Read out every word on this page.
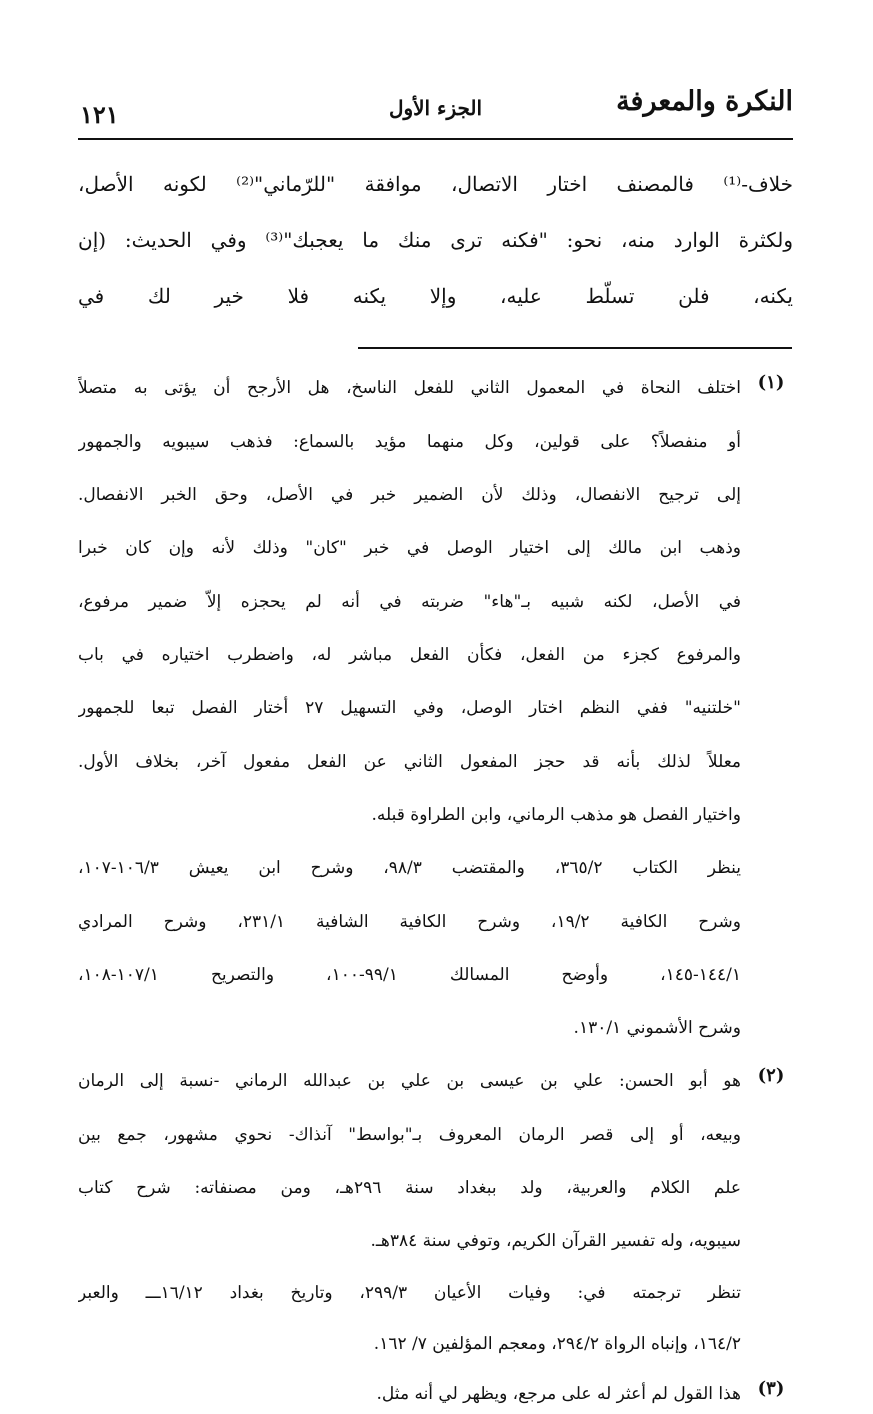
النكرة والمعرفة
الجزء الأول
١٢١
خلاف-⁽¹⁾ فالمصنف اختار الاتصال، موافقة "للرّماني"⁽²⁾ لكونه الأصل،
ولكثرة الوارد منه، نحو: "فكنه ترى منك ما يعجبك"⁽³⁾ وفي الحديث: (إن
يكنه، فلن تسلّط عليه، وإلا يكنه فلا خير لك في
(١)
اختلف النحاة في المعمول الثاني للفعل الناسخ، هل الأرجح أن يؤتى به متصلاً
أو منفصلاً؟ على قولين، وكل منهما مؤيد بالسماع: فذهب سيبويه والجمهور
إلى ترجيح الانفصال، وذلك لأن الضمير خبر في الأصل، وحق الخبر الانفصال.
وذهب ابن مالك إلى اختيار الوصل في خبر "كان" وذلك لأنه وإن كان خبرا
في الأصل، لكنه شبيه بـ"هاء" ضربته في أنه لم يحجزه إلاّ ضمير مرفوع،
والمرفوع كجزء من الفعل، فكأن الفعل مباشر له، واضطرب اختياره في باب
"خلتنيه" ففي النظم اختار الوصل، وفي التسهيل ٢٧ أختار الفصل تبعا للجمهور
معللاً لذلك بأنه قد حجز المفعول الثاني عن الفعل مفعول آخر، بخلاف الأول.
واختيار الفصل هو مذهب الرماني، وابن الطراوة قبله.
ينظر الكتاب ٣٦٥/٢، والمقتضب ٩٨/٣، وشرح ابن يعيش ١٠٦/٣-١٠٧،
وشرح الكافية ١٩/٢، وشرح الكافية الشافية ٢٣١/١، وشرح المرادي
١٤٤/١-١٤٥، وأوضح المسالك ٩٩/١-١٠٠، والتصريح ١٠٧/١-١٠٨،
وشرح الأشموني ١٣٠/١.
(٢)
هو أبو الحسن: علي بن عيسى بن علي بن عبدالله الرماني -نسبة إلى الرمان
وبيعه، أو إلى قصر الرمان المعروف بـ"بواسط" آنذاك- نحوي مشهور، جمع بين
علم الكلام والعربية، ولد ببغداد سنة ٢٩٦هـ، ومن مصنفاته: شرح كتاب
سيبويه، وله تفسير القرآن الكريم، وتوفي سنة ٣٨٤هـ.
تنظر ترجمته في: وفيات الأعيان ٢٩٩/٣، وتاريخ بغداد ١٦/١٢ـــ والعبر
١٦٤/٢، وإنباه الرواة ٢٩٤/٢، ومعجم المؤلفين ٧/ ١٦٢.
(٣)
هذا القول لم أعثر له على مرجع، ويظهر لي أنه مثل.
